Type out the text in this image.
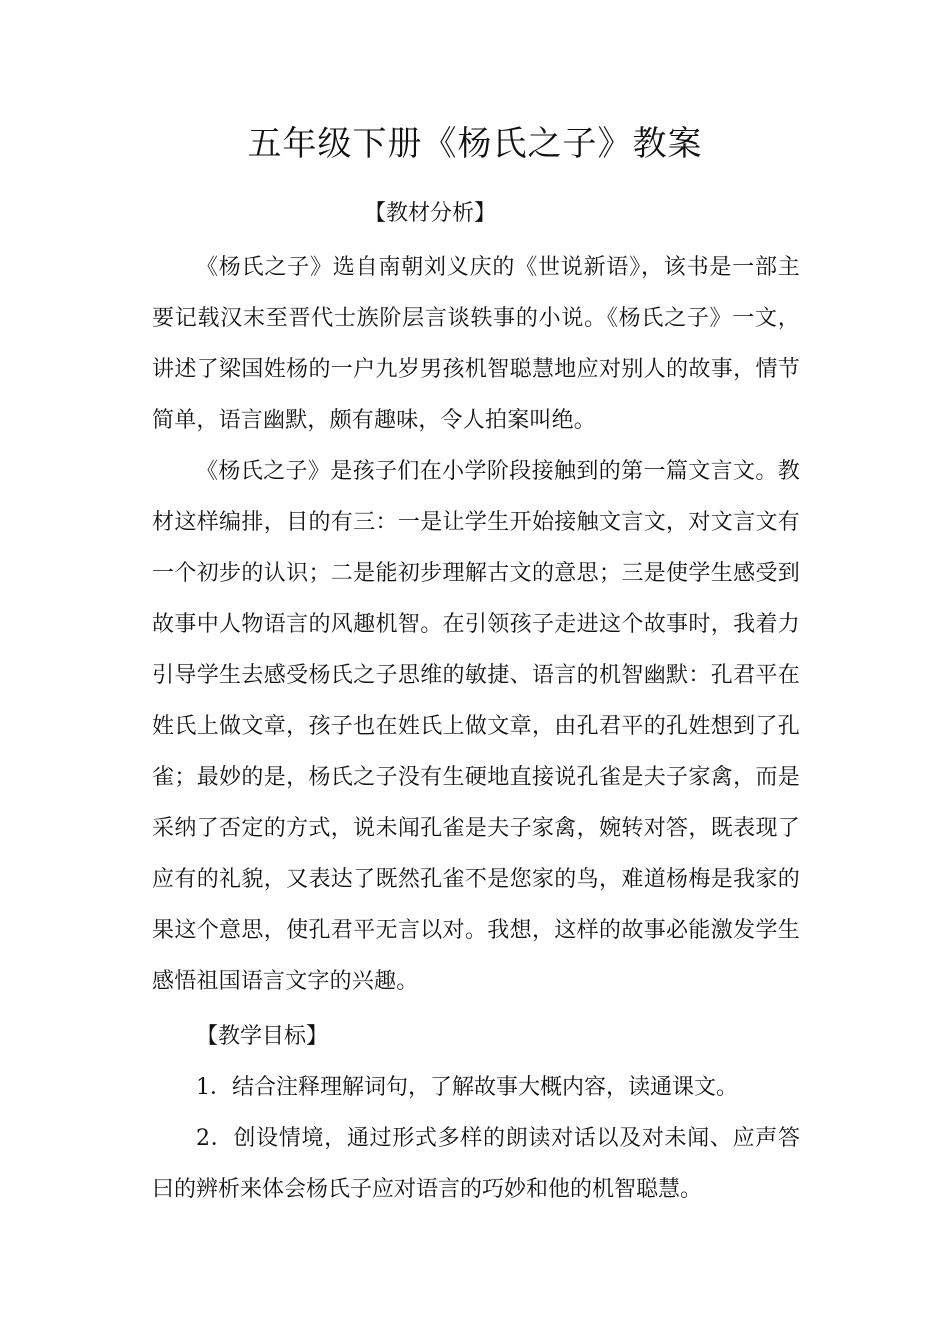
五年级下册《杨氏之子》教案
【教材分析】

《杨氏之子》选自南朝刘义庆的《世说新语》，该书是一部主要记载汉末至晋代士族阶层言谈轶事的小说。《杨氏之子》一文，讲述了梁国姓杨的一户九岁男孩机智聪慧地应对别人的故事，情节简单，语言幽默，颇有趣味，令人拍案叫绝。

《杨氏之子》是孩子们在小学阶段接触到的第一篇文言文。教材这样编排，目的有三：一是让学生开始接触文言文，对文言文有一个初步的认识；二是能初步理解古文的意思；三是使学生感受到故事中人物语言的风趣机智。在引领孩子走进这个故事时，我着力引导学生去感受杨氏之子思维的敏捷、语言的机智幽默：孔君平在姓氏上做文章，孩子也在姓氏上做文章，由孔君平的孔姓想到了孔雀；最妙的是，杨氏之子没有生硬地直接说孔雀是夫子家禽，而是采纳了否定的方式，说未闻孔雀是夫子家禽，婉转对答，既表现了应有的礼貌，又表达了既然孔雀不是您家的鸟，难道杨梅是我家的果这个意思，使孔君平无言以对。我想，这样的故事必能激发学生感悟祖国语言文字的兴趣。

【教学目标】

1．结合注释理解词句，了解故事大概内容，读通课文。

2．创设情境，通过形式多样的朗读对话以及对未闻、应声答曰的辨析来体会杨氏子应对语言的巧妙和他的机智聪慧。
